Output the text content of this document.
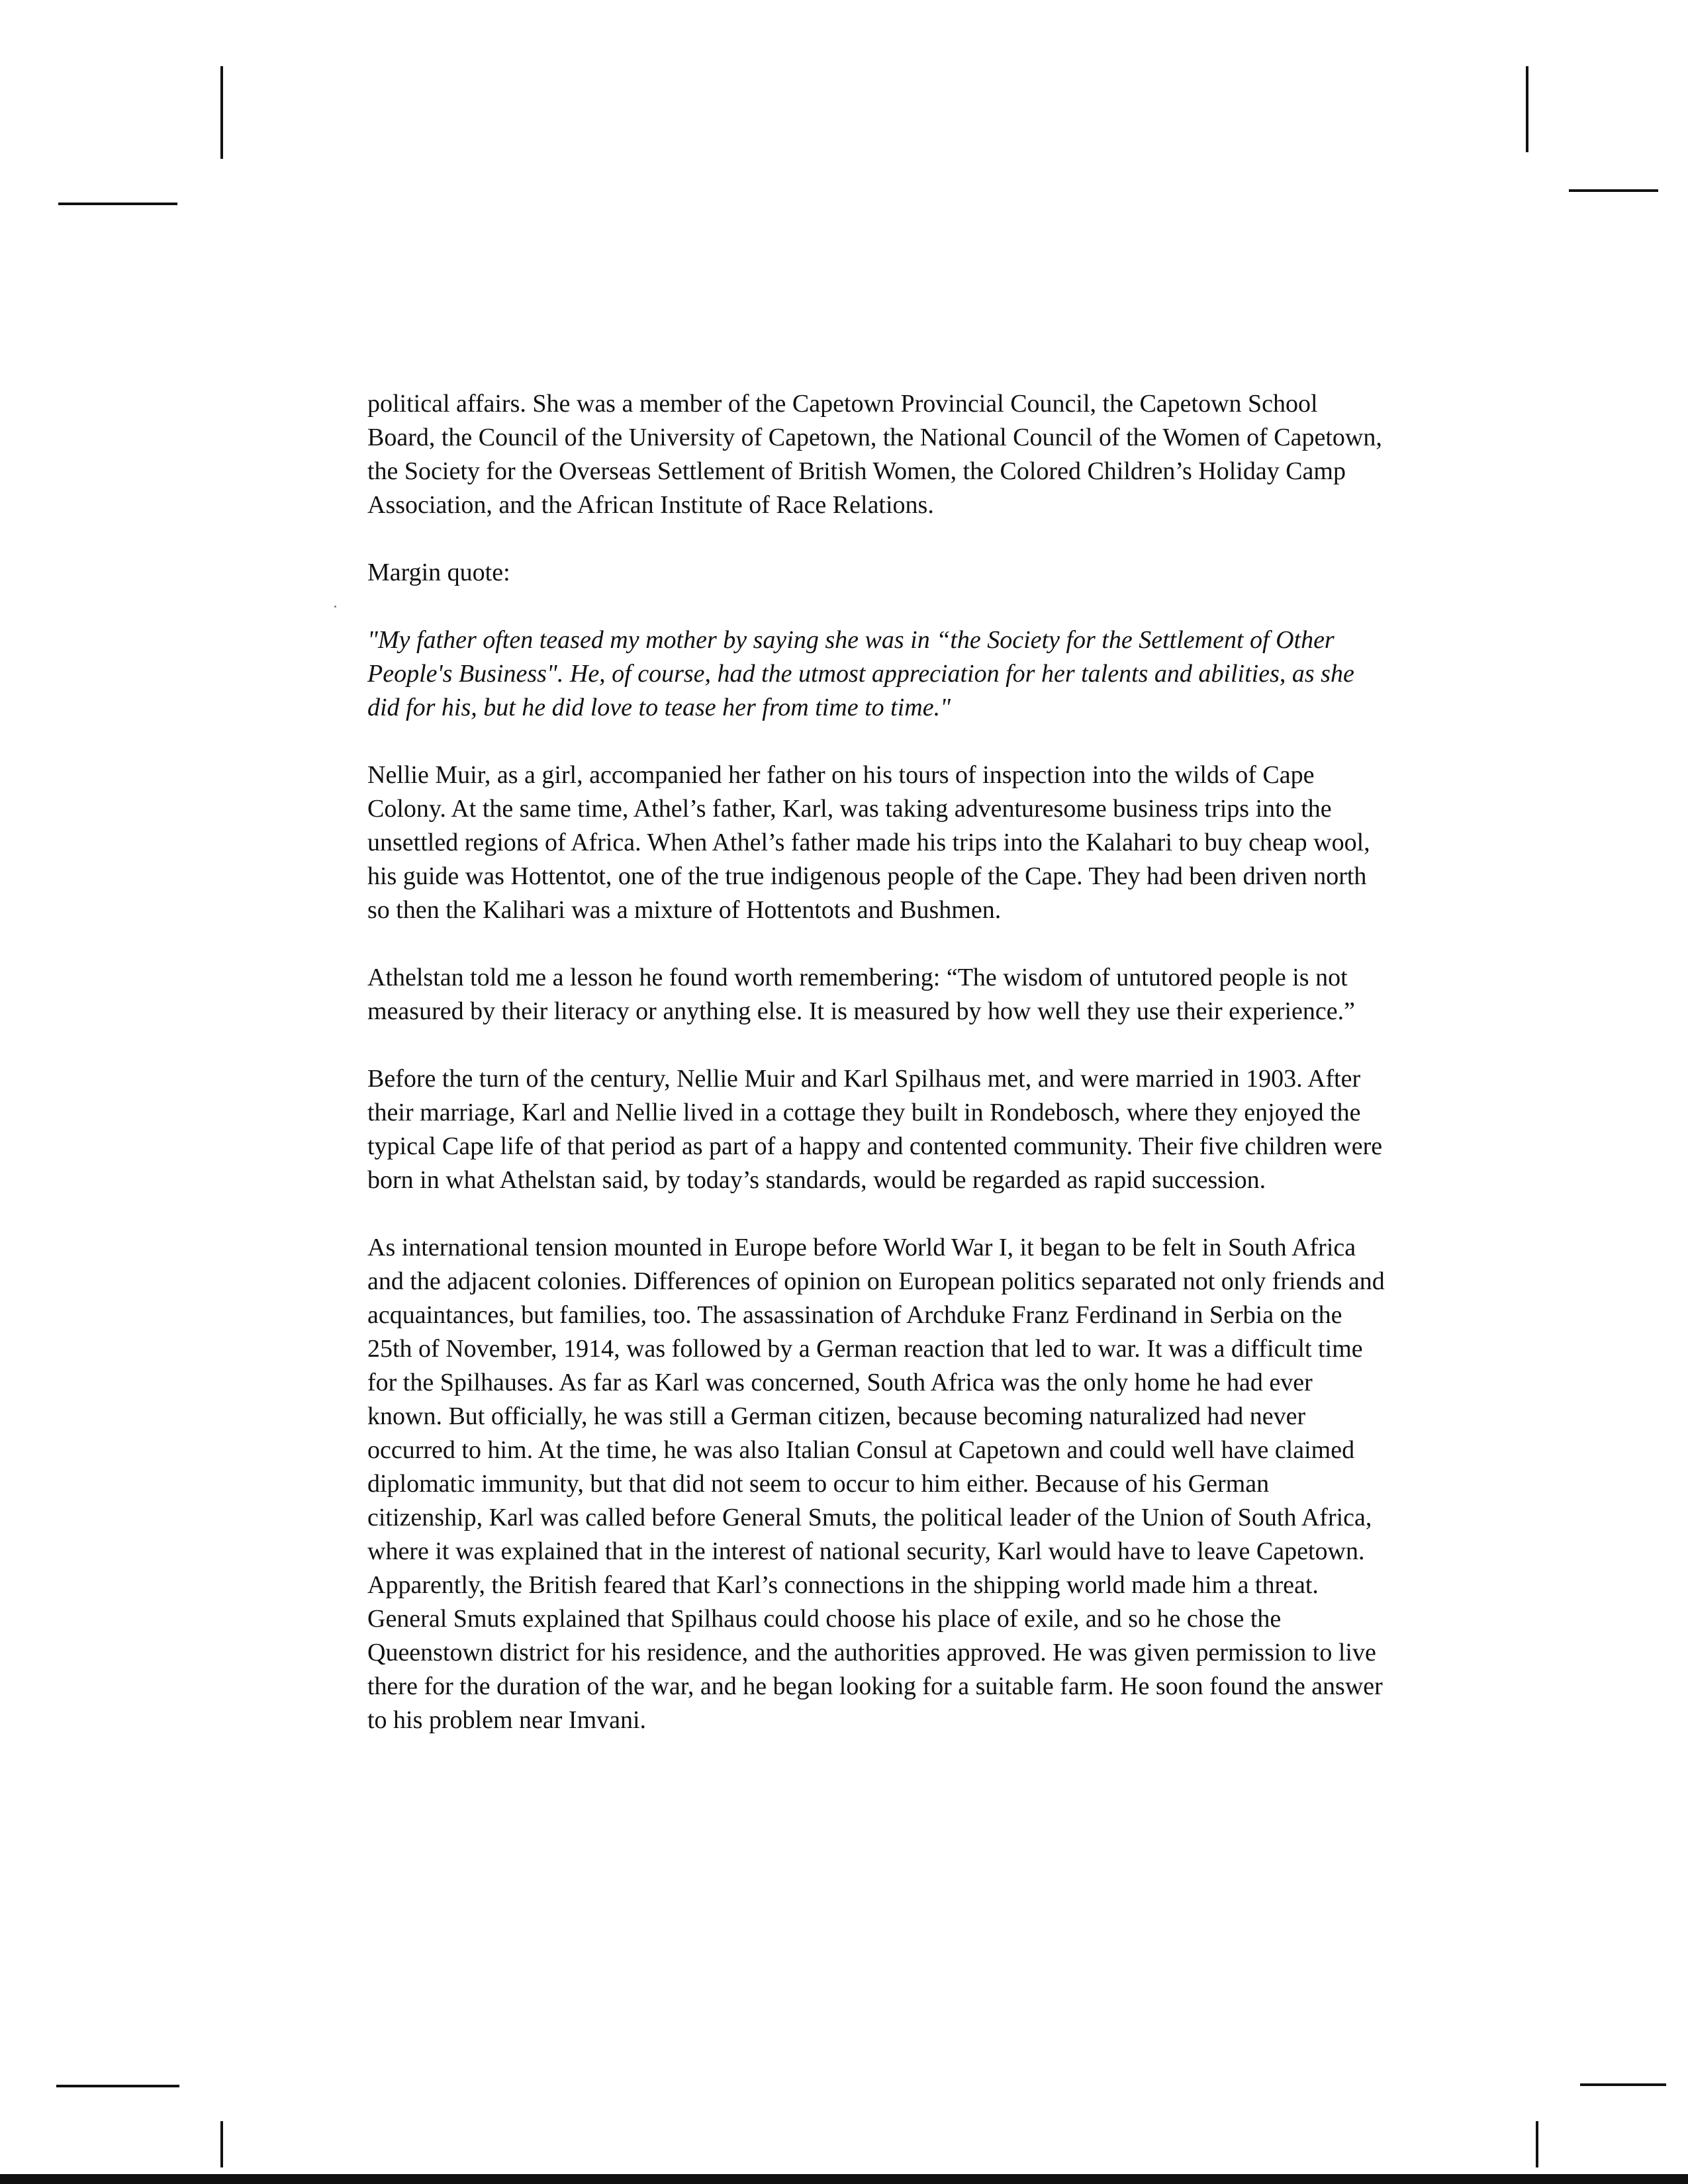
political affairs. She was a member of the Capetown Provincial Council, the Capetown School Board, the Council of the University of Capetown, the National Council of the Women of Capetown, the Society for the Overseas Settlement of British Women, the Colored Children’s Holiday Camp Association, and the African Institute of Race Relations.

Margin quote:

"My father often teased my mother by saying she was in “the Society for the Settlement of Other People's Business". He, of course, had the utmost appreciation for her talents and abilities, as she did for his, but he did love to tease her from time to time."

Nellie Muir, as a girl, accompanied her father on his tours of inspection into the wilds of Cape Colony. At the same time, Athel’s father, Karl, was taking adventuresome business trips into the unsettled regions of Africa. When Athel’s father made his trips into the Kalahari to buy cheap wool, his guide was Hottentot, one of the true indigenous people of the Cape. They had been driven north so then the Kalihari was a mixture of Hottentots and Bushmen.

Athelstan told me a lesson he found worth remembering: “The wisdom of untutored people is not measured by their literacy or anything else. It is measured by how well they use their experience.”

Before the turn of the century, Nellie Muir and Karl Spilhaus met, and were married in 1903. After their marriage, Karl and Nellie lived in a cottage they built in Rondebosch, where they enjoyed the typical Cape life of that period as part of a happy and contented community. Their five children were born in what Athelstan said, by today’s standards, would be regarded as rapid succession.

As international tension mounted in Europe before World War I, it began to be felt in South Africa and the adjacent colonies. Differences of opinion on European politics separated not only friends and acquaintances, but families, too. The assassination of Archduke Franz Ferdinand in Serbia on the 25th of November, 1914, was followed by a German reaction that led to war. It was a difficult time for the Spilhauses. As far as Karl was concerned, South Africa was the only home he had ever known. But officially, he was still a German citizen, because becoming naturalized had never occurred to him. At the time, he was also Italian Consul at Capetown and could well have claimed diplomatic immunity, but that did not seem to occur to him either. Because of his German citizenship, Karl was called before General Smuts, the political leader of the Union of South Africa, where it was explained that in the interest of national security, Karl would have to leave Capetown. Apparently, the British feared that Karl’s connections in the shipping world made him a threat. General Smuts explained that Spilhaus could choose his place of exile, and so he chose the Queenstown district for his residence, and the authorities approved. He was given permission to live there for the duration of the war, and he began looking for a suitable farm. He soon found the answer to his problem near Imvani.
